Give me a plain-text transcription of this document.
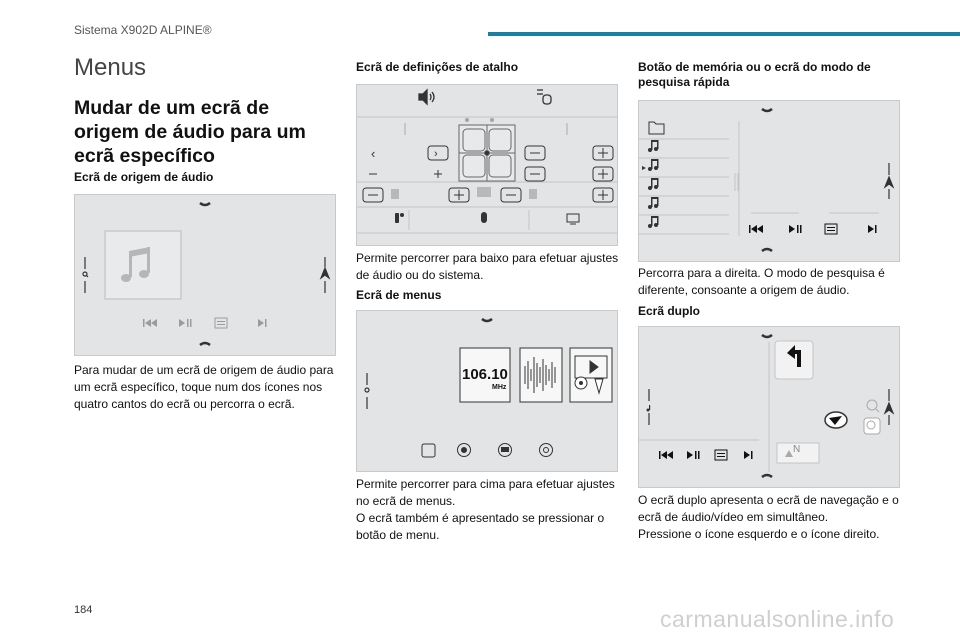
Sistema X902D ALPINE®
Menus
Mudar de um ecrã de origem de áudio para um ecrã específico
Ecrã de origem de áudio
Para mudar de um ecrã de origem de áudio para um ecrã específico, toque num dos ícones nos quatro cantos do ecrã ou percorra o ecrã.
Ecrã de definições de atalho
‹	›
Permite percorrer para baixo para efetuar ajustes de áudio ou do sistema.
Ecrã de menus
106.10
MHz
Permite percorrer para cima para efetuar ajustes no ecrã de menus.
O ecrã também é apresentado se pressionar o botão de menu.
Botão de memória ou o ecrã do modo de pesquisa rápida
Percorra para a direita. O modo de pesquisa é diferente, consoante a origem de áudio.
Ecrã duplo
N
O ecrã duplo apresenta o ecrã de navegação e o ecrã de áudio/vídeo em simultâneo.
Pressione o ícone esquerdo e o ícone direito.
184	carmanualsonline.info
